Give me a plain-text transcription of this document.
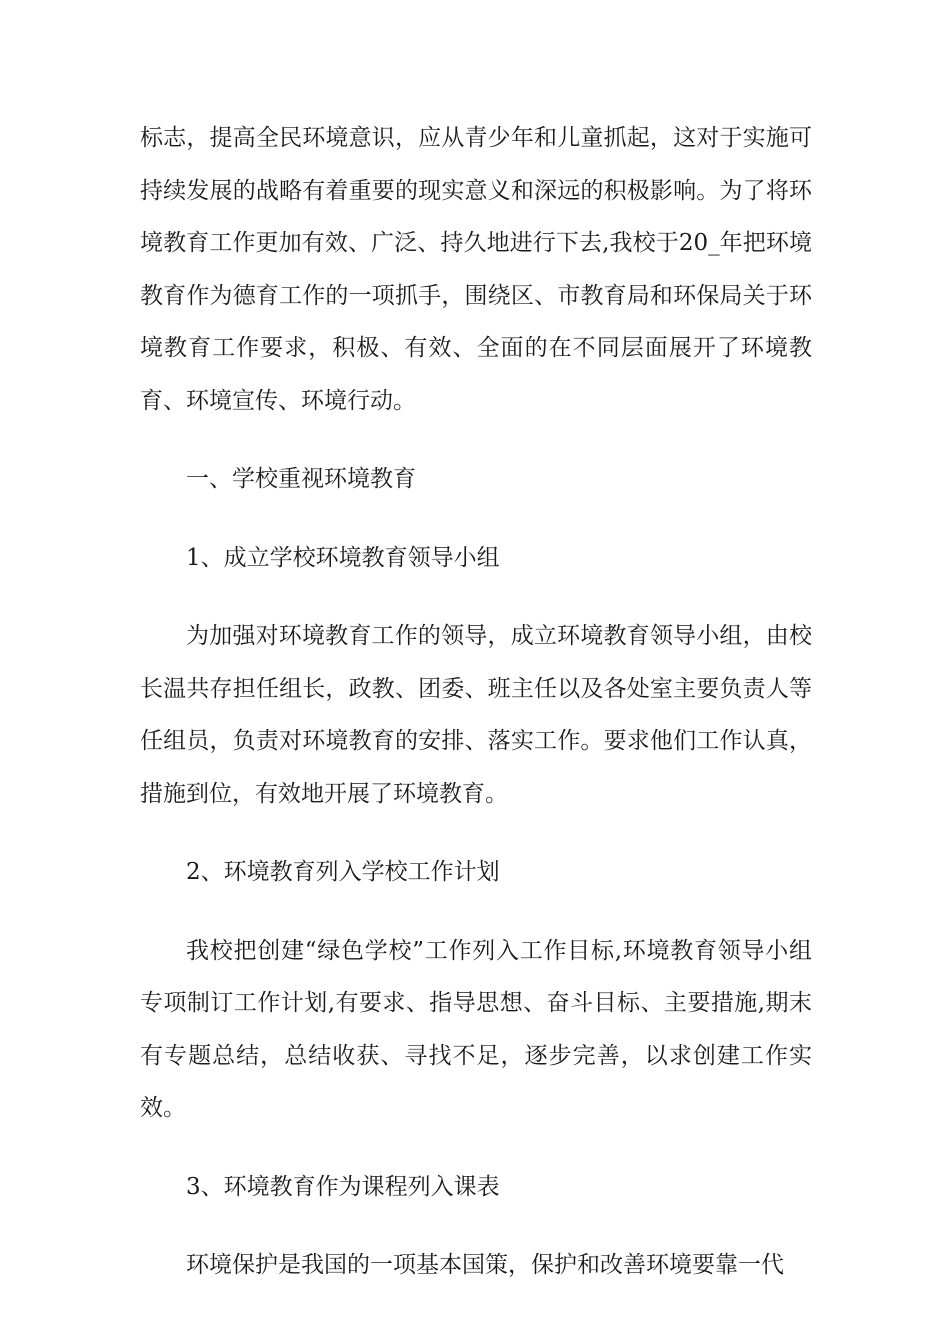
标志，提高全民环境意识，应从青少年和儿童抓起，这对于实施可持续发展的战略有着重要的现实意义和深远的积极影响。为了将环境教育工作更加有效、广泛、持久地进行下去,我校于20_年把环境教育作为德育工作的一项抓手，围绕区、市教育局和环保局关于环境教育工作要求，积极、有效、全面的在不同层面展开了环境教育、环境宣传、环境行动。

一、学校重视环境教育

1、成立学校环境教育领导小组

为加强对环境教育工作的领导，成立环境教育领导小组，由校长温共存担任组长，政教、团委、班主任以及各处室主要负责人等任组员，负责对环境教育的安排、落实工作。要求他们工作认真，措施到位，有效地开展了环境教育。

2、环境教育列入学校工作计划

我校把创建“绿色学校”工作列入工作目标,环境教育领导小组专项制订工作计划,有要求、指导思想、奋斗目标、主要措施,期末有专题总结，总结收获、寻找不足，逐步完善，以求创建工作实效。

3、环境教育作为课程列入课表

环境保护是我国的一项基本国策，保护和改善环境要靠一代
